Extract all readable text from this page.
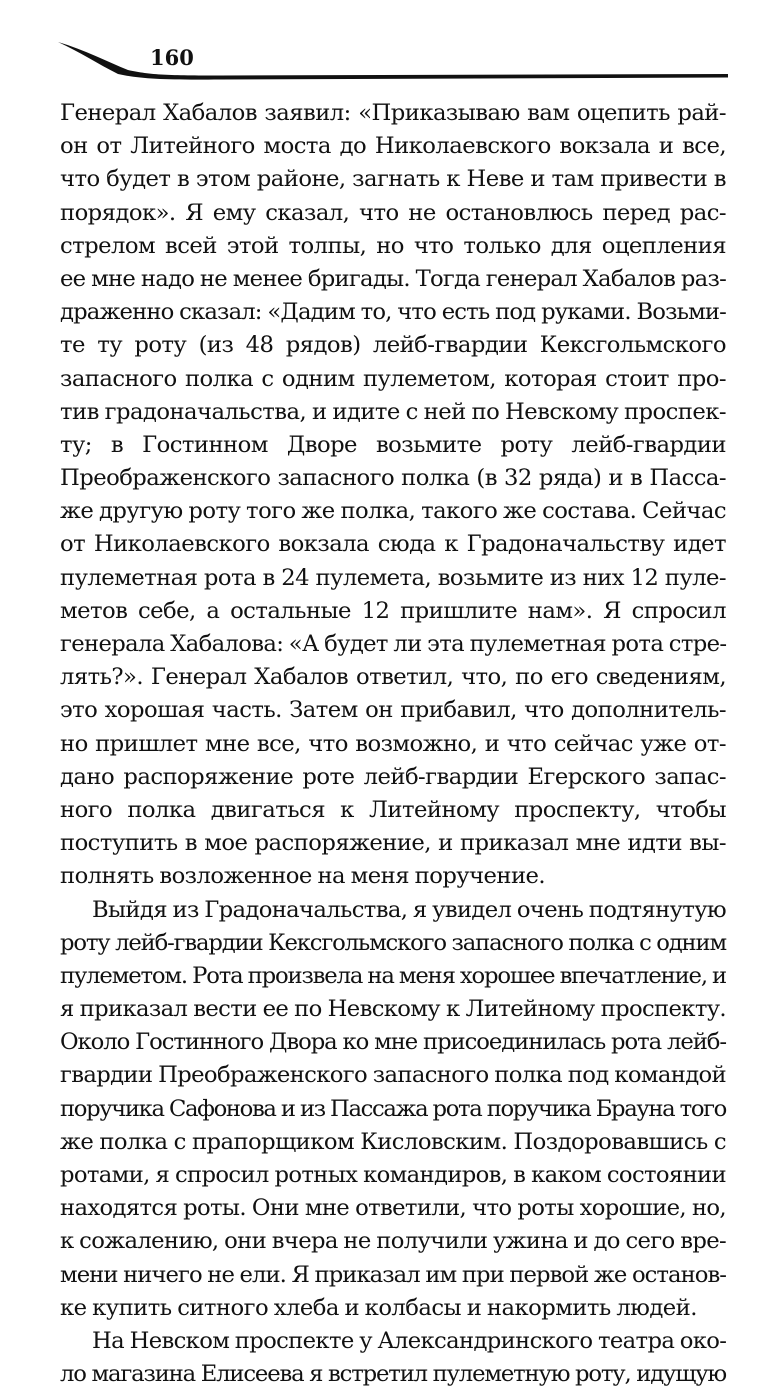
160
Генерал Хабалов заявил: «Приказываю вам оцепить рай-
он от Литейного моста до Николаевского вокзала и все,
что будет в этом районе, загнать к Неве и там привести в
порядок». Я ему сказал, что не остановлюсь перед рас-
стрелом всей этой толпы, но что только для оцепления
ее мне надо не менее бригады. Тогда генерал Хабалов раз-
драженно сказал: «Дадим то, что есть под руками. Возьми-
те ту роту (из 48 рядов) лейб-гвардии Кексгольмского
запасного полка с одним пулеметом, которая стоит про-
тив градоначальства, и идите с ней по Невскому проспек-
ту; в Гостинном Дворе возьмите роту лейб-гвардии
Преображенского запасного полка (в 32 ряда) и в Пасса-
же другую роту того же полка, такого же состава. Сейчас
от Николаевского вокзала сюда к Градоначальству идет
пулеметная рота в 24 пулемета, возьмите из них 12 пуле-
метов себе, а остальные 12 пришлите нам». Я спросил
генерала Хабалова: «А будет ли эта пулеметная рота стре-
лять?». Генерал Хабалов ответил, что, по его сведениям,
это хорошая часть. Затем он прибавил, что дополнитель-
но пришлет мне все, что возможно, и что сейчас уже от-
дано распоряжение роте лейб-гвардии Егерского запас-
ного полка двигаться к Литейному проспекту, чтобы
поступить в мое распоряжение, и приказал мне идти вы-
полнять возложенное на меня поручение.
Выйдя из Градоначальства, я увидел очень подтянутую
роту лейб-гвардии Кексгольмского запасного полка с одним
пулеметом. Рота произвела на меня хорошее впечатление, и
я приказал вести ее по Невскому к Литейному проспекту.
Около Гостинного Двора ко мне присоединилась рота лейб-
гвардии Преображенского запасного полка под командой
поручика Сафонова и из Пассажа рота поручика Брауна того
же полка с прапорщиком Кисловским. Поздоровавшись с
ротами, я спросил ротных командиров, в каком состоянии
находятся роты. Они мне ответили, что роты хорошие, но,
к сожалению, они вчера не получили ужина и до сего вре-
мени ничего не ели. Я приказал им при первой же останов-
ке купить ситного хлеба и колбасы и накормить людей.
На Невском проспекте у Александринского театра око-
ло магазина Елисеева я встретил пулеметную роту, идущую
